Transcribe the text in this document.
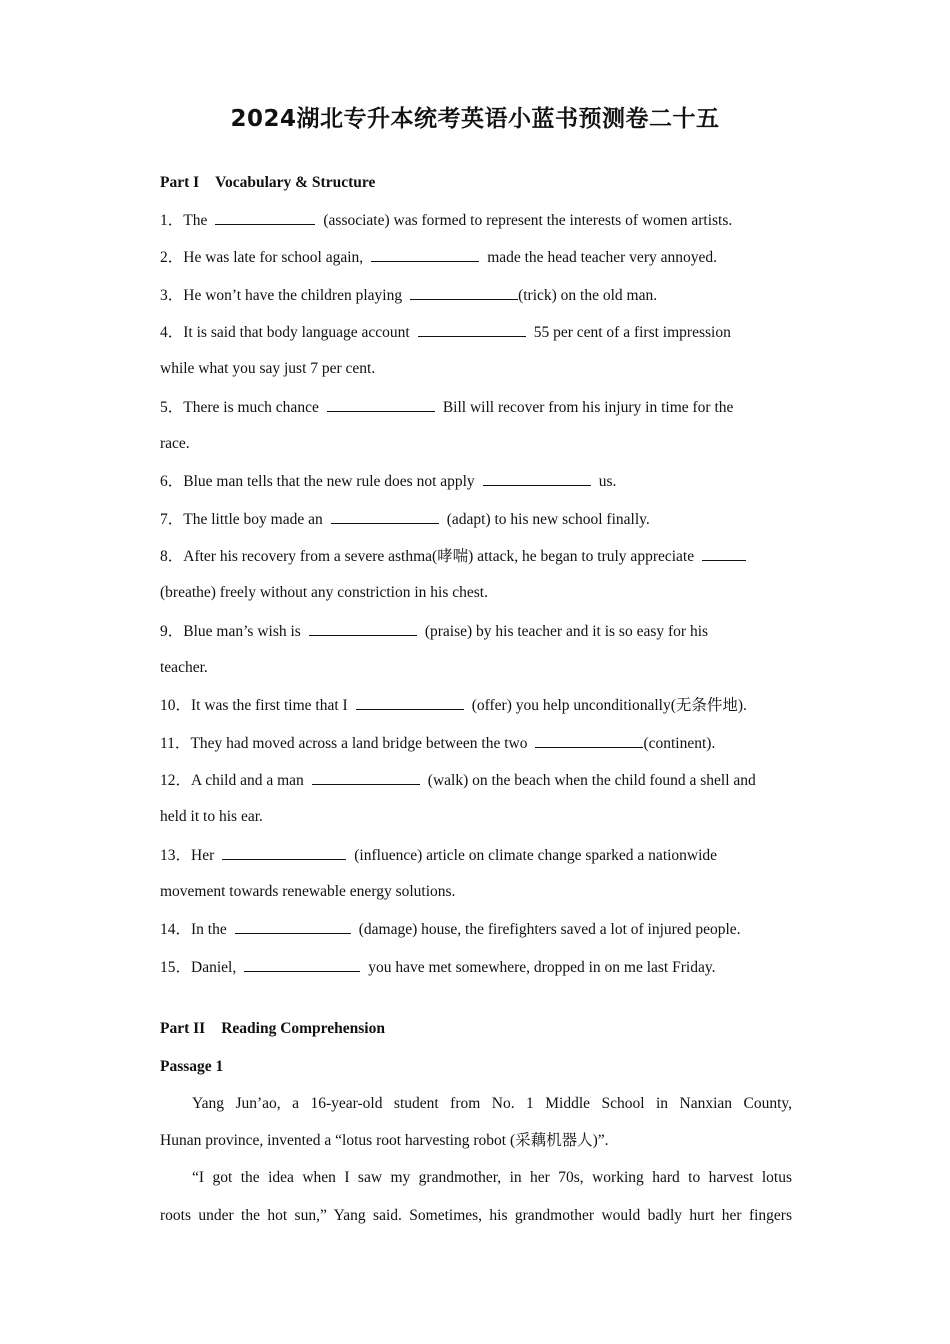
2024湖北专升本统考英语小蓝书预测卷二十五
Part I Vocabulary & Structure
1．The	(associate) was formed to represent the interests of women artists.
2．He was late for school again,	made the head teacher very annoyed.
3．He won’t have the children playing	(trick) on the old man.
4．It is said that body language account	55 per cent of a first impression
while what you say just 7 per cent.
5．There is much chance	Bill will recover from his injury in time for the
race.
6．Blue man tells that the new rule does not apply	us.
7．The little boy made an	(adapt) to his new school finally.
8．After his recovery from a severe asthma(哮喘) attack, he began to truly appreciate
(breathe) freely without any constriction in his chest.
9．Blue man’s wish is	(praise) by his teacher and it is so easy for his
teacher.
10．It was the first time that I	(offer) you help unconditionally(无条件地).
11．They had moved across a land bridge between the two	(continent).
12．A child and a man	(walk) on the beach when the child found a shell and
held it to his ear.
13．Her	(influence) article on climate change sparked a nationwide
movement towards renewable energy solutions.
14．In the	(damage) house, the firefighters saved a lot of injured people.
15．Daniel,	you have met somewhere, dropped in on me last Friday.
Part II Reading Comprehension
Passage 1
Yang Jun’ao, a 16-year-old student from No. 1 Middle School in Nanxian County,
Hunan province, invented a “lotus root harvesting robot (采藕机器人)”.
“I got the idea when I saw my grandmother, in her 70s, working hard to harvest lotus
roots under the hot sun,” Yang said. Sometimes, his grandmother would badly hurt her fingers
